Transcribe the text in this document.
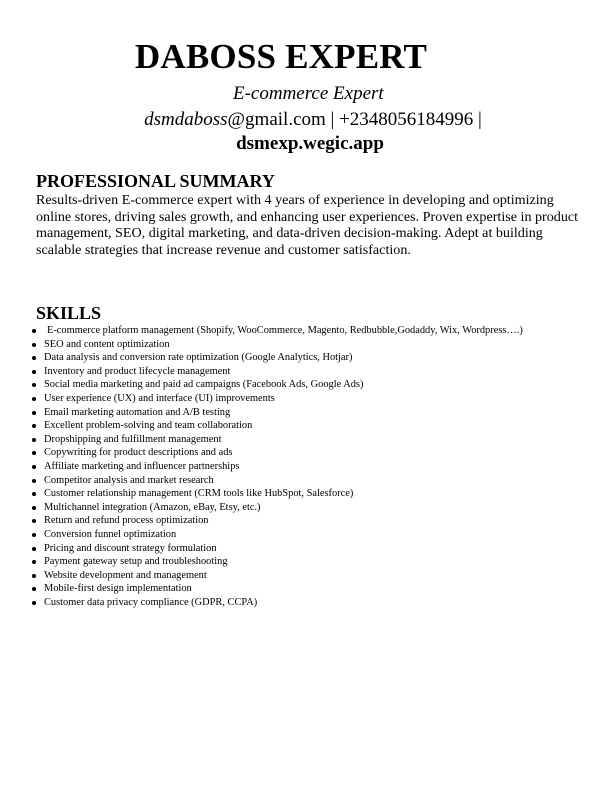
DABOSS EXPERT
E-commerce Expert
dsmdaboss@gmail.com | +2348056184996 |
dsmexp.wegic.app
PROFESSIONAL SUMMARY
Results-driven E-commerce expert with 4 years of experience in developing and optimizing online stores, driving sales growth, and enhancing user experiences. Proven expertise in product management, SEO, digital marketing, and data-driven decision-making. Adept at building scalable strategies that increase revenue and customer satisfaction.
SKILLS
E-commerce platform management (Shopify, WooCommerce, Magento, Redbubble,Godaddy, Wix, Wordpress….)
SEO and content optimization
Data analysis and conversion rate optimization (Google Analytics, Hotjar)
Inventory and product lifecycle management
Social media marketing and paid ad campaigns (Facebook Ads, Google Ads)
User experience (UX) and interface (UI) improvements
Email marketing automation and A/B testing
Excellent problem-solving and team collaboration
Dropshipping and fulfillment management
Copywriting for product descriptions and ads
Affiliate marketing and influencer partnerships
Competitor analysis and market research
Customer relationship management (CRM tools like HubSpot, Salesforce)
Multichannel integration (Amazon, eBay, Etsy, etc.)
Return and refund process optimization
Conversion funnel optimization
Pricing and discount strategy formulation
Payment gateway setup and troubleshooting
Website development and management
Mobile-first design implementation
Customer data privacy compliance (GDPR, CCPA)
